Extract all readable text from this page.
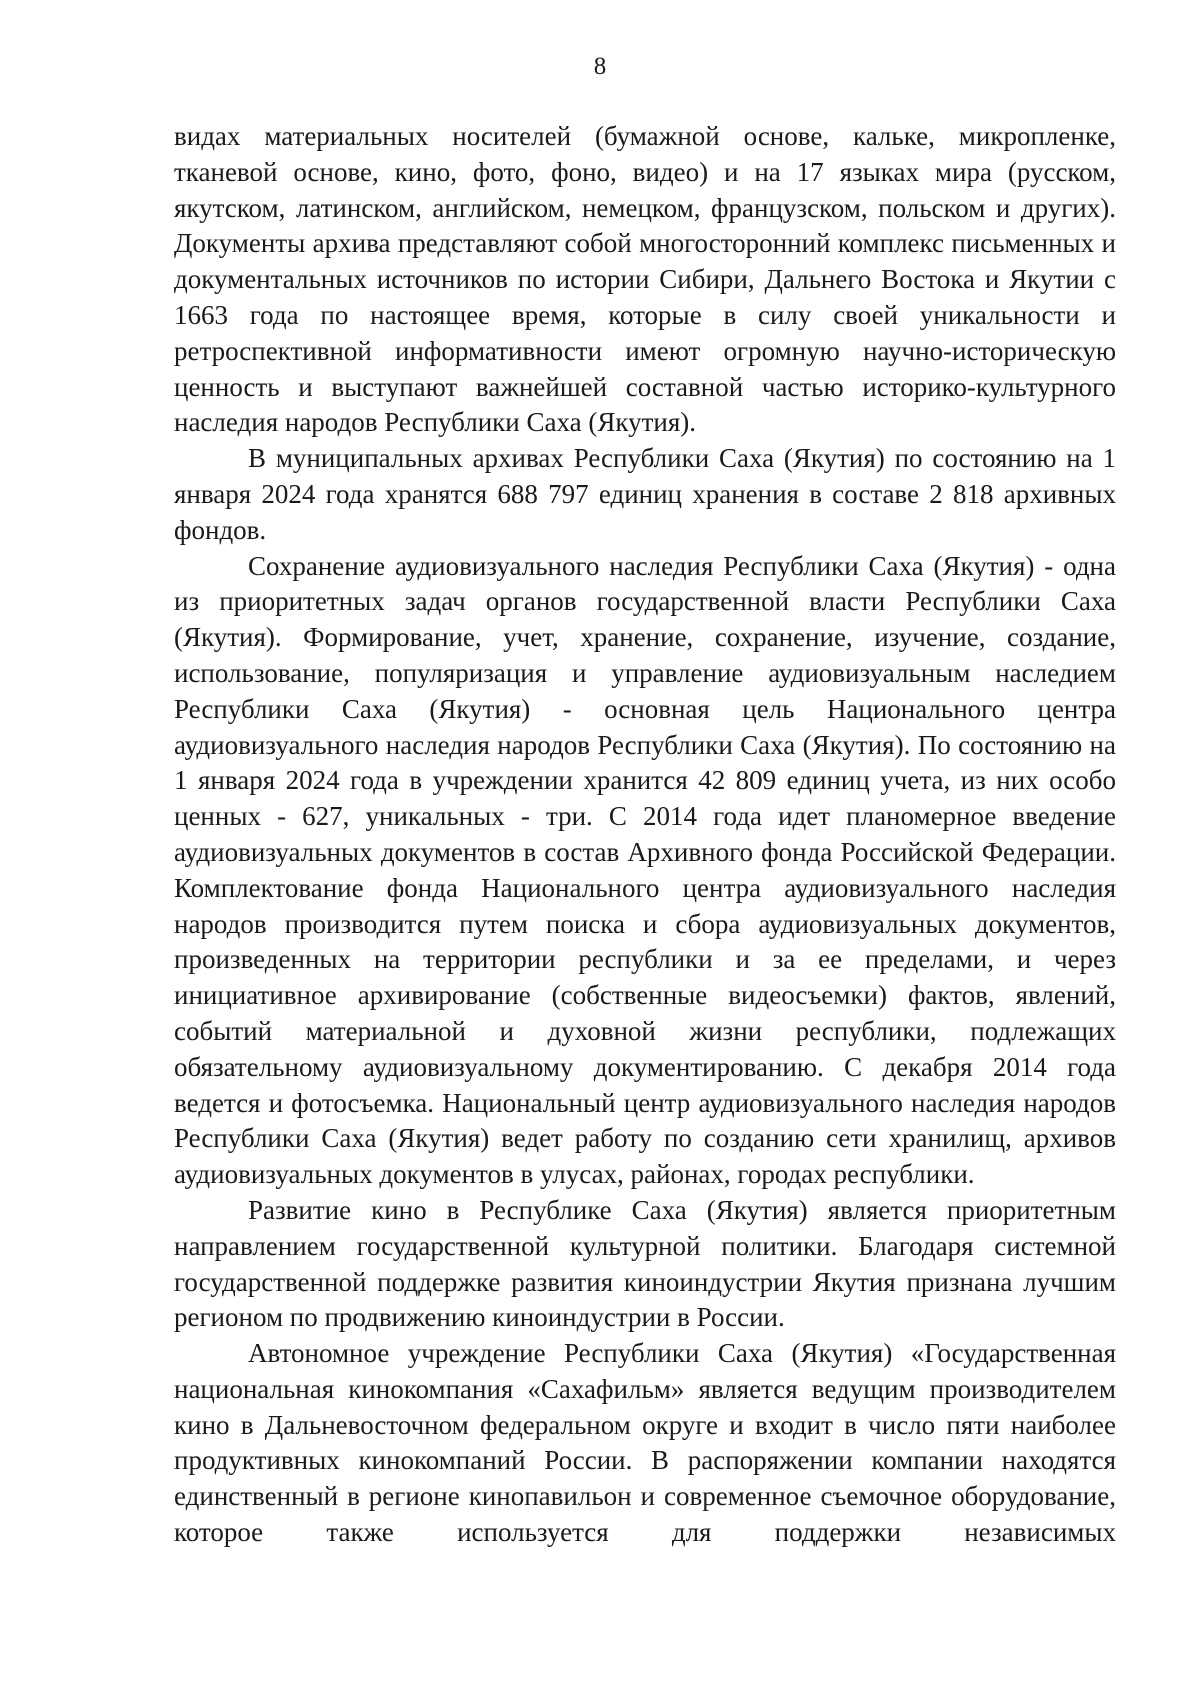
8

видах материальных носителей (бумажной основе, кальке, микропленке, тканевой основе, кино, фото, фоно, видео) и на 17 языках мира (русском, якутском, латинском, английском, немецком, французском, польском и других). Документы архива представляют собой многосторонний комплекс письменных и документальных источников по истории Сибири, Дальнего Востока и Якутии с 1663 года по настоящее время, которые в силу своей уникальности и ретроспективной информативности имеют огромную научно-историческую ценность и выступают важнейшей составной частью историко-культурного наследия народов Республики Саха (Якутия).

В муниципальных архивах Республики Саха (Якутия) по состоянию на 1 января 2024 года хранятся 688 797 единиц хранения в составе 2 818 архивных фондов.

Сохранение аудиовизуального наследия Республики Саха (Якутия) - одна из приоритетных задач органов государственной власти Республики Саха (Якутия). Формирование, учет, хранение, сохранение, изучение, создание, использование, популяризация и управление аудиовизуальным наследием Республики Саха (Якутия) - основная цель Национального центра аудиовизуального наследия народов Республики Саха (Якутия). По состоянию на 1 января 2024 года в учреждении хранится 42 809 единиц учета, из них особо ценных - 627, уникальных - три. С 2014 года идет планомерное введение аудиовизуальных документов в состав Архивного фонда Российской Федерации. Комплектование фонда Национального центра аудиовизуального наследия народов производится путем поиска и сбора аудиовизуальных документов, произведенных на территории республики и за ее пределами, и через инициативное архивирование (собственные видеосъемки) фактов, явлений, событий материальной и духовной жизни республики, подлежащих обязательному аудиовизуальному документированию. С декабря 2014 года ведется и фотосъемка. Национальный центр аудиовизуального наследия народов Республики Саха (Якутия) ведет работу по созданию сети хранилищ, архивов аудиовизуальных документов в улусах, районах, городах республики.

Развитие кино в Республике Саха (Якутия) является приоритетным направлением государственной культурной политики. Благодаря системной государственной поддержке развития киноиндустрии Якутия признана лучшим регионом по продвижению киноиндустрии в России.

Автономное учреждение Республики Саха (Якутия) «Государственная национальная кинокомпания «Сахафильм» является ведущим производителем кино в Дальневосточном федеральном округе и входит в число пяти наиболее продуктивных кинокомпаний России. В распоряжении компании находятся единственный в регионе кинопавильон и современное съемочное оборудование, которое также используется для поддержки независимых
